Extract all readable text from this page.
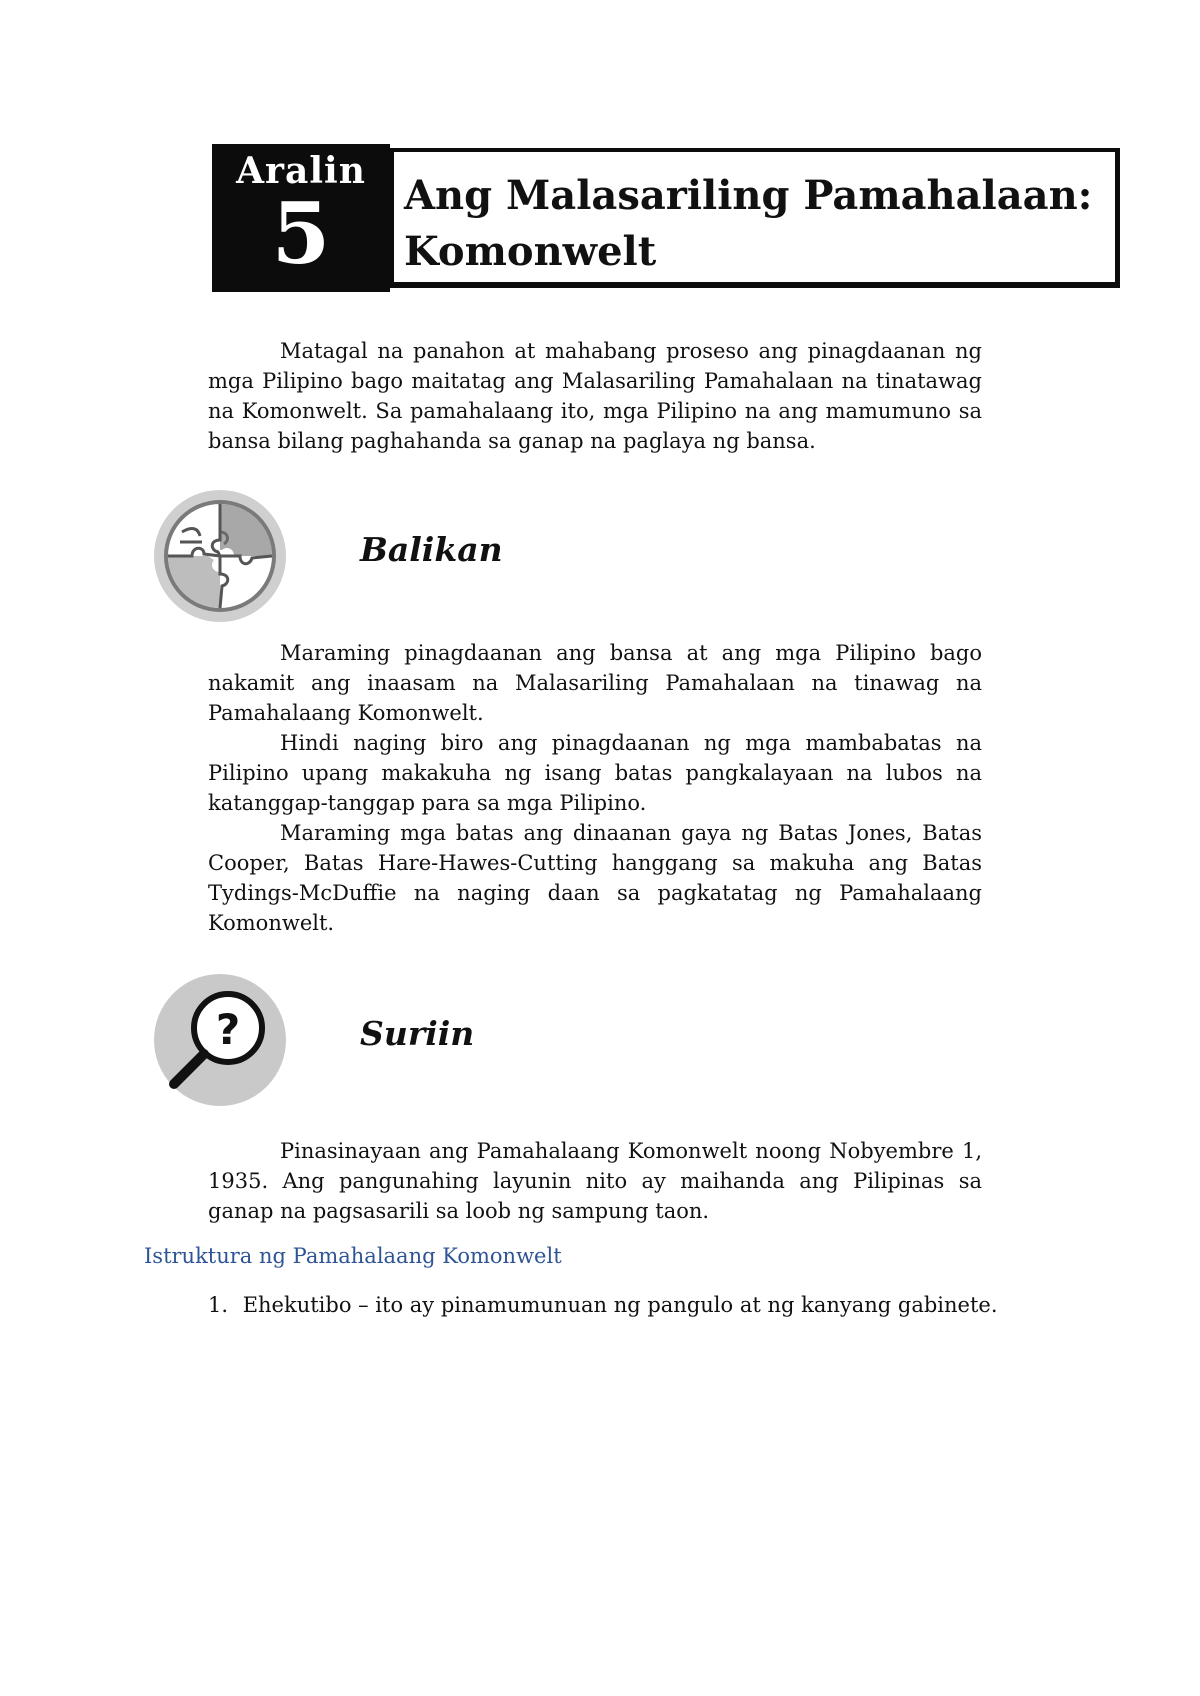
Aralin
5	Ang Malasariling Pamahalaan:
Komonwelt

Matagal na panahon at mahabang proseso ang pinagdaanan ng mga Pilipino bago maitatag ang Malasariling Pamahalaan na tinatawag na Komonwelt. Sa pamahalaang ito, mga Pilipino na ang mamumuno sa bansa bilang paghahanda sa ganap na paglaya ng bansa.

Balikan

Maraming pinagdaanan ang bansa at ang mga Pilipino bago nakamit ang inaasam na Malasariling Pamahalaan na tinawag na Pamahalaang Komonwelt.

Hindi naging biro ang pinagdaanan ng mga mambabatas na Pilipino upang makakuha ng isang batas pangkalayaan na lubos na katanggap-tanggap para sa mga Pilipino.

Maraming mga batas ang dinaanan gaya ng Batas Jones, Batas Cooper, Batas Hare-Hawes-Cutting hanggang sa makuha ang Batas Tydings-McDuffie na naging daan sa pagkatatag ng Pamahalaang Komonwelt.

?	Suriin

Pinasinayaan ang Pamahalaang Komonwelt noong Nobyembre 1, 1935. Ang pangunahing layunin nito ay maihanda ang Pilipinas sa ganap na pagsasarili sa loob ng sampung taon.

Istruktura ng Pamahalaang Komonwelt

1. Ehekutibo – ito ay pinamumunuan ng pangulo at ng kanyang gabinete.
